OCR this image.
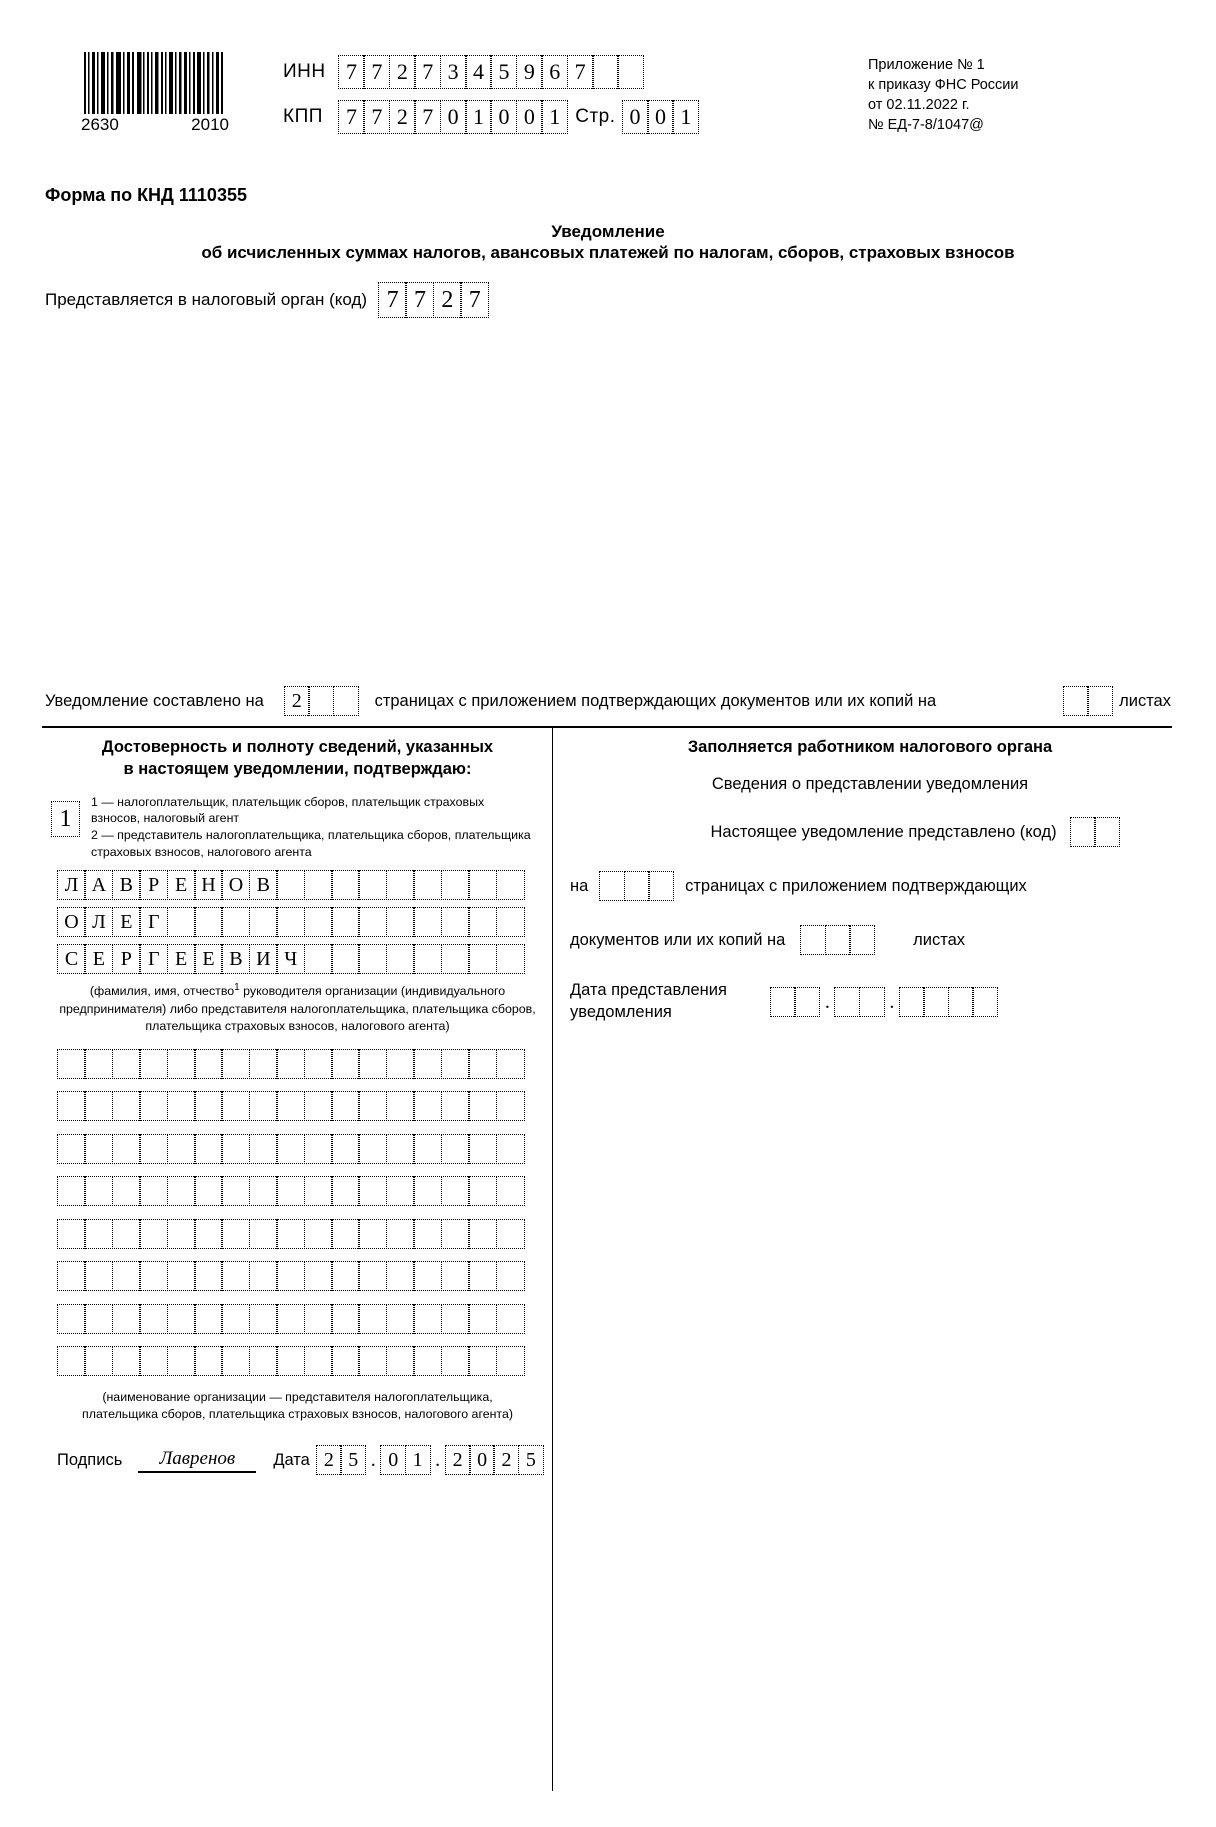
2630	2010
ИНН 7 7 2 7 3 4 5 9 6 7
КПП	7 7 2 7 0 1 0 0 1 Стр. 0 0 1
Приложение № 1
к приказу ФНС России
от 02.11.2022 г.
№ ЕД-7-8/1047@
Форма по КНД 1110355
Уведомление
об исчисленных суммах налогов, авансовых платежей по налогам, сборов, страховых взносов
Представляется в налоговый орган (код) 7 7 2 7
Уведомление составлено на	2	страницах с приложением подтверждающих документов или их копий на	листах
Достоверность и полноту сведений, указанных
в настоящем уведомлении, подтверждаю:
1
1 — налогоплательщик, плательщик сборов, плательщик страховых
взносов, налоговый агент
2 — представитель налогоплательщика, плательщика сборов, плательщика
страховых взносов, налогового агента
Л А В Р Е Н О В
О Л Е Г
С Е Р Г Е Е В И Ч
(фамилия, имя, отчество$^1$ руководителя организации (индивидуального
предпринимателя) либо представителя налогоплательщика, плательщика сборов,
плательщика страховых взносов, налогового агента)
(наименование организации — представителя налогоплательщика,
плательщика сборов, плательщика страховых взносов, налогового агента)
Подпись	Лавренов	Дата 2 5 . 0 1 . 2 0 2 5
Заполняется работником налогового органа
Сведения о представлении уведомления
Настоящее уведомление представлено (код)
на	страницах с приложением подтверждающих
документов или их копий на	листах
Дата представления
уведомления	.	.
